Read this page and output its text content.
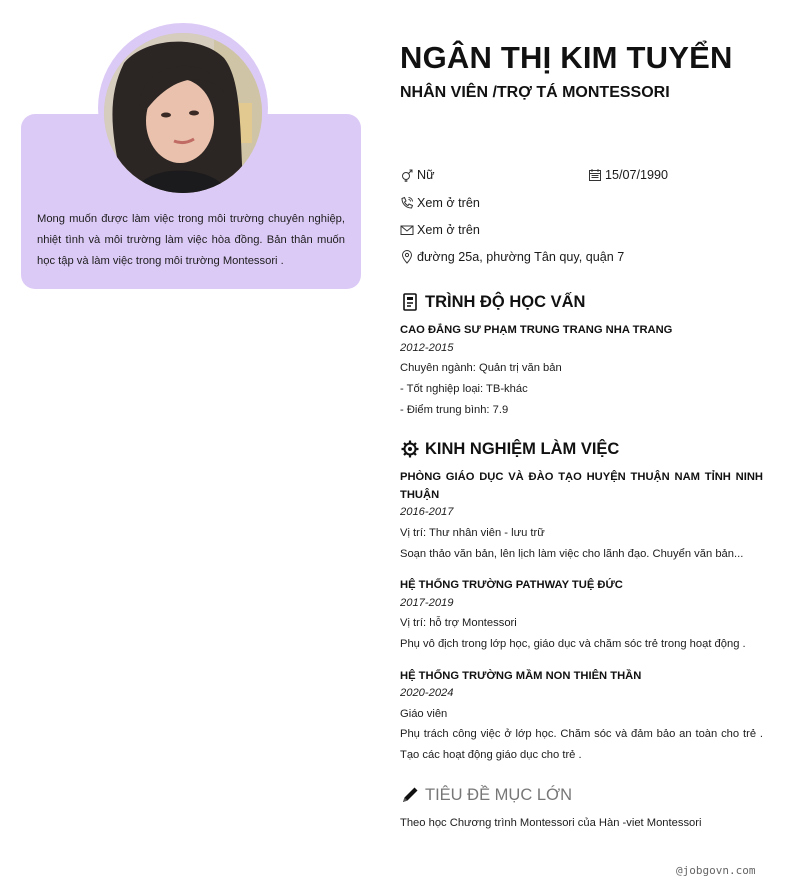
Mong muốn được làm việc trong môi trường chuyên nghiệp, nhiệt tình và môi trường làm việc hòa đồng. Bản thân muốn học tập và làm việc trong môi trường Montessori .
NGÂN THỊ KIM TUYỂN
NHÂN VIÊN /TRỢ TÁ MONTESSORI
Nữ	15/07/1990
Xem ở trên
Xem ở trên
đường 25a, phường Tân quy, quận 7
TRÌNH ĐỘ HỌC VẤN
CAO ĐẲNG SƯ PHẠM TRUNG TRANG NHA TRANG
2012-2015
Chuyên ngành: Quản trị văn bản
- Tốt nghiệp loại: TB-khác
- Điểm trung bình: 7.9
KINH NGHIỆM LÀM VIỆC
PHÒNG GIÁO DỤC VÀ ĐÀO TẠO HUYỆN THUẬN NAM TỈNH NINH THUẬN
2016-2017
Vị trí: Thư nhân viên - lưu trữ
Soạn thảo văn bản, lên lịch làm việc cho lãnh đạo. Chuyển văn bản...
HỆ THỐNG TRƯỜNG PATHWAY TUỆ ĐỨC
2017-2019
Vị trí: hỗ trợ Montessori
Phụ vô địch trong lớp học, giáo dục và chăm sóc trẻ trong hoạt động .
HỆ THỐNG TRƯỜNG MẦM NON THIÊN THẦN
2020-2024
Giáo viên
Phụ trách công việc ở lớp học. Chăm sóc và đảm bảo an toàn cho trẻ . Tạo các hoạt động giáo dục cho trẻ .
TIÊU ĐỀ MỤC LỚN
Theo học Chương trình Montessori của Hàn -viet Montessori
@jobgovn.com
